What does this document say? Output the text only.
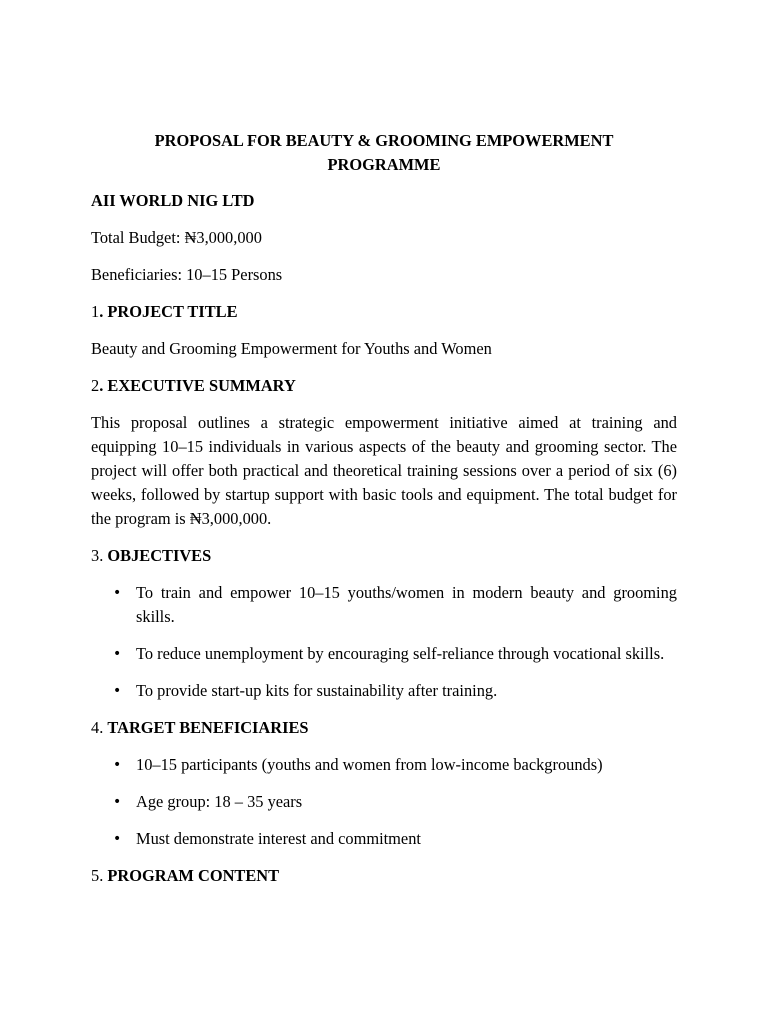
PROPOSAL FOR BEAUTY & GROOMING EMPOWERMENT
PROGRAMME

AII WORLD NIG LTD

Total Budget: ₦3,000,000

Beneficiaries: 10–15 Persons

1. PROJECT TITLE

Beauty and Grooming Empowerment for Youths and Women

2. EXECUTIVE SUMMARY

This proposal outlines a strategic empowerment initiative aimed at training and equipping 10–15 individuals in various aspects of the beauty and grooming sector. The project will offer both practical and theoretical training sessions over a period of six (6) weeks, followed by startup support with basic tools and equipment. The total budget for the program is ₦3,000,000.

3. OBJECTIVES

• To train and empower 10–15 youths/women in modern beauty and grooming skills.
• To reduce unemployment by encouraging self-reliance through vocational skills.
• To provide start-up kits for sustainability after training.

4. TARGET BENEFICIARIES

• 10–15 participants (youths and women from low-income backgrounds)
• Age group: 18 – 35 years
• Must demonstrate interest and commitment

5. PROGRAM CONTENT
